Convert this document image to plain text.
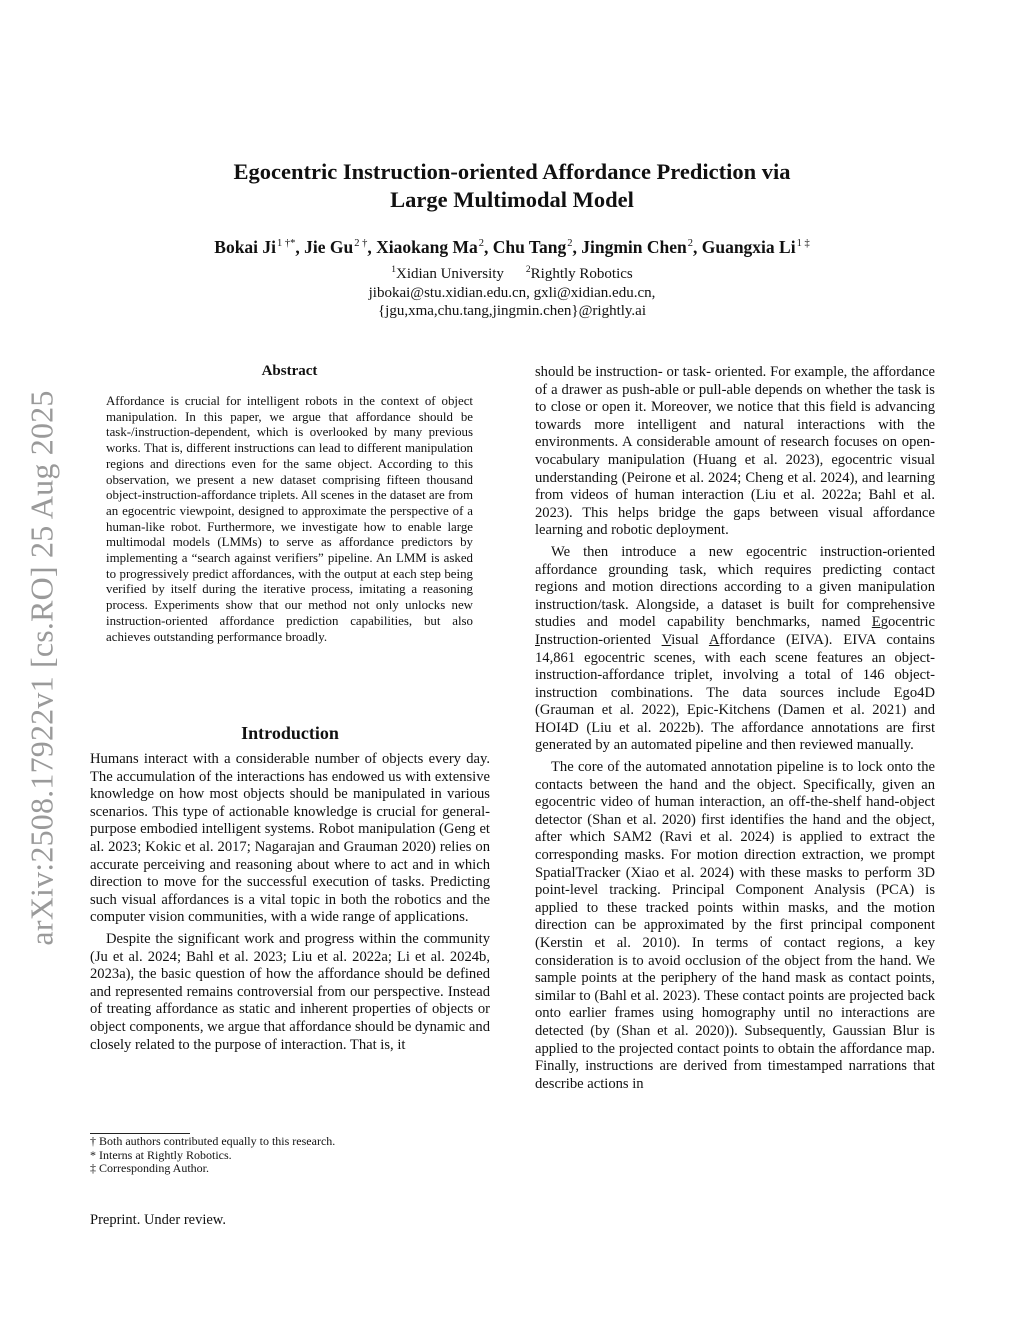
arXiv:2508.17922v1 [cs.RO] 25 Aug 2025
Egocentric Instruction-oriented Affordance Prediction via
Large Multimodal Model
Bokai $Ji^{1 \dagger*}$, Jie $Gu^{2 \dagger}$, Xiaokang Ma$^2$, Chu Tang$^2$, Jingmin Chen$^2$, Guangxia $Li^{1 \ddagger}$
$^1$Xidian University $^2$Rightly Robotics
jibokai@stu.xidian.edu.cn, gxli@xidian.edu.cn,
{jgu,xma,chu.tang,jingmin.chen}@rightly.ai
Abstract
Affordance is crucial for intelligent robots in the context of object manipulation. In this paper, we argue that affordance should be task-/instruction-dependent, which is overlooked by many previous works. That is, different instructions can lead to different manipulation regions and directions even for the same object. According to this observation, we present a new dataset comprising fifteen thousand object-instruction-affordance triplets. All scenes in the dataset are from an egocentric viewpoint, designed to approximate the perspective of a human-like robot. Furthermore, we investigate how to enable large multimodal models (LMMs) to serve as affordance predictors by implementing a “search against verifiers” pipeline. An LMM is asked to progressively predict affordances, with the output at each step being verified by itself during the iterative process, imitating a reasoning process. Experiments show that our method not only unlocks new instruction-oriented affordance prediction capabilities, but also achieves outstanding performance broadly.
Introduction

Humans interact with a considerable number of objects every day. The accumulation of the interactions has endowed us with extensive knowledge on how most objects should be manipulated in various scenarios. This type of actionable knowledge is crucial for general-purpose embodied intelligent systems. Robot manipulation (Geng et al. 2023; Kokic et al. 2017; Nagarajan and Grauman 2020) relies on accurate perceiving and reasoning about where to act and in which direction to move for the successful execution of tasks. Predicting such visual affordances is a vital topic in both the robotics and the computer vision communities, with a wide range of applications.

Despite the significant work and progress within the community (Ju et al. 2024; Bahl et al. 2023; Liu et al. 2022a; Li et al. 2024b, 2023a), the basic question of how the affordance should be defined and represented remains controversial from our perspective. Instead of treating affordance as static and inherent properties of objects or object components, we argue that affordance should be dynamic and closely related to the purpose of interaction. That is, it

should be instruction- or task- oriented. For example, the affordance of a drawer as push-able or pull-able depends on whether the task is to close or open it. Moreover, we notice that this field is advancing towards more intelligent and natural interactions with the environments. A considerable amount of research focuses on open-vocabulary manipulation (Huang et al. 2023), egocentric visual understanding (Peirone et al. 2024; Cheng et al. 2024), and learning from videos of human interaction (Liu et al. 2022a; Bahl et al. 2023). This helps bridge the gaps between visual affordance learning and robotic deployment.

We then introduce a new egocentric instruction-oriented affordance grounding task, which requires predicting contact regions and motion directions according to a given manipulation instruction/task. Alongside, a dataset is built for comprehensive studies and model capability benchmarks, named Egocentric Instruction-oriented Visual Affordance (EIVA). EIVA contains 14,861 egocentric scenes, with each scene features an object-instruction-affordance triplet, involving a total of 146 object-instruction combinations. The data sources include Ego4D (Grauman et al. 2022), Epic-Kitchens (Damen et al. 2021) and HOI4D (Liu et al. 2022b). The affordance annotations are first generated by an automated pipeline and then reviewed manually.

The core of the automated annotation pipeline is to lock onto the contacts between the hand and the object. Specifically, given an egocentric video of human interaction, an off-the-shelf hand-object detector (Shan et al. 2020) first identifies the hand and the object, after which SAM2 (Ravi et al. 2024) is applied to extract the corresponding masks. For motion direction extraction, we prompt SpatialTracker (Xiao et al. 2024) with these masks to perform 3D point-level tracking. Principal Component Analysis (PCA) is applied to these tracked points within masks, and the motion direction can be approximated by the first principal component (Kerstin et al. 2010). In terms of contact regions, a key consideration is to avoid occlusion of the object from the hand. We sample points at the periphery of the hand mask as contact points, similar to (Bahl et al. 2023). These contact points are projected back onto earlier frames using homography until no interactions are detected (by (Shan et al. 2020)). Subsequently, Gaussian Blur is applied to the projected contact points to obtain the affordance map. Finally, instructions are derived from timestamped narrations that describe actions in

† Both authors contributed equally to this research.
* Interns at Rightly Robotics.
‡ Corresponding Author.
Preprint. Under review.
